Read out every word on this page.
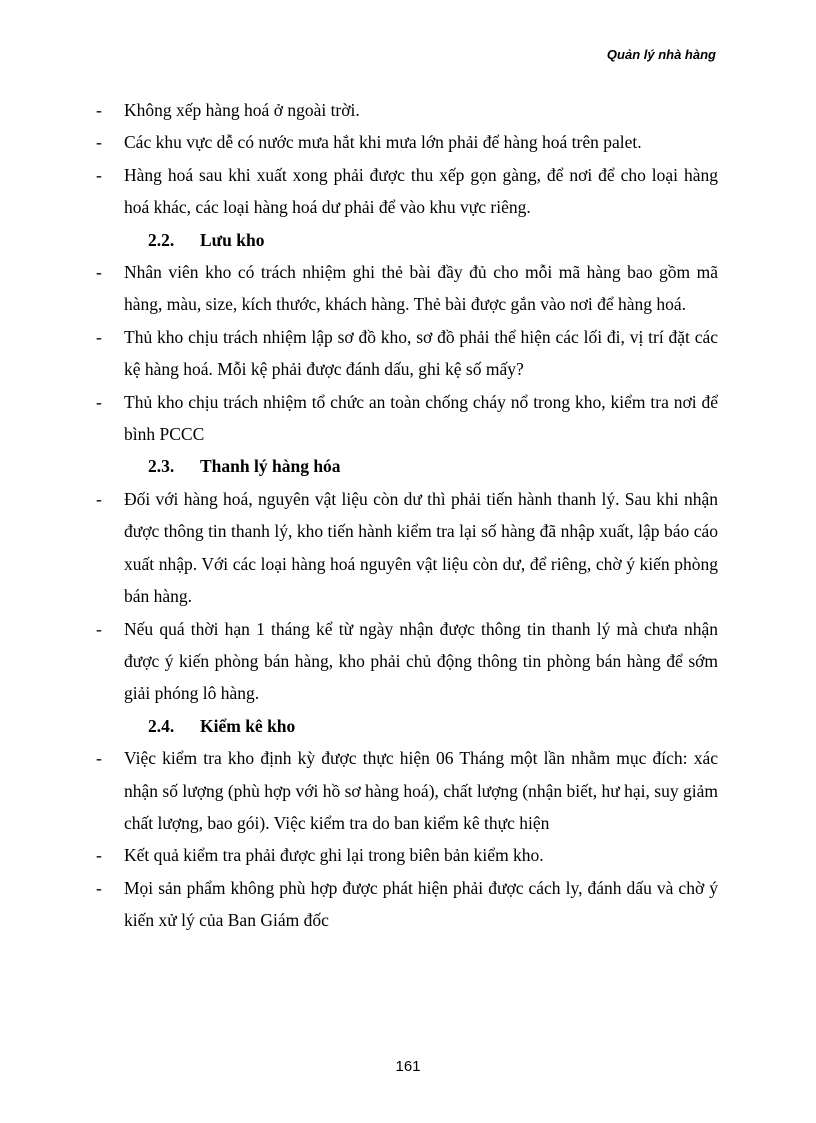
Quản lý nhà hàng
-	Không xếp hàng hoá ở ngoài trời.
-	Các khu vực dễ có nước mưa hắt khi mưa lớn phải để hàng hoá trên palet.
-	Hàng hoá sau khi xuất xong phải được thu xếp gọn gàng, để nơi để cho loại hàng hoá khác, các loại hàng hoá dư phải để vào khu vực riêng.
2.2. Lưu kho
-	Nhân viên kho có trách nhiệm ghi thẻ bài đầy đủ cho mỗi mã hàng bao gồm mã hàng, màu, size, kích thước, khách hàng. Thẻ bài được gắn vào nơi để hàng hoá.
-	Thủ kho chịu trách nhiệm lập sơ đồ kho, sơ đồ phải thể hiện các lối đi, vị trí đặt các kệ hàng hoá. Mỗi kệ phải được đánh dấu, ghi kệ số mấy?
-	Thủ kho chịu trách nhiệm tổ chức an toàn chống cháy nổ trong kho, kiểm tra nơi để bình PCCC
2.3. Thanh lý hàng hóa
-	Đối với hàng hoá, nguyên vật liệu còn dư thì phải tiến hành thanh lý. Sau khi nhận được thông tin thanh lý, kho tiến hành kiểm tra lại số hàng đã nhập xuất, lập báo cáo xuất nhập. Với các loại hàng hoá nguyên vật liệu còn dư, để riêng, chờ ý kiến phòng bán hàng.
-	Nếu quá thời hạn 1 tháng kể từ ngày nhận được thông tin thanh lý mà chưa nhận được ý kiến phòng bán hàng, kho phải chủ động thông tin phòng bán hàng để sớm giải phóng lô hàng.
2.4. Kiểm kê kho
-	Việc kiểm tra kho định kỳ được thực hiện 06 Tháng một lần nhằm mục đích: xác nhận số lượng (phù hợp với hồ sơ hàng hoá), chất lượng (nhận biết, hư hại, suy giảm chất lượng, bao gói). Việc kiểm tra do ban kiểm kê thực hiện
-	Kết quả kiểm tra phải được ghi lại trong biên bản kiểm kho.
-	Mọi sản phẩm không phù hợp được phát hiện phải được cách ly, đánh dấu và chờ ý kiến xử lý của Ban Giám đốc
161
